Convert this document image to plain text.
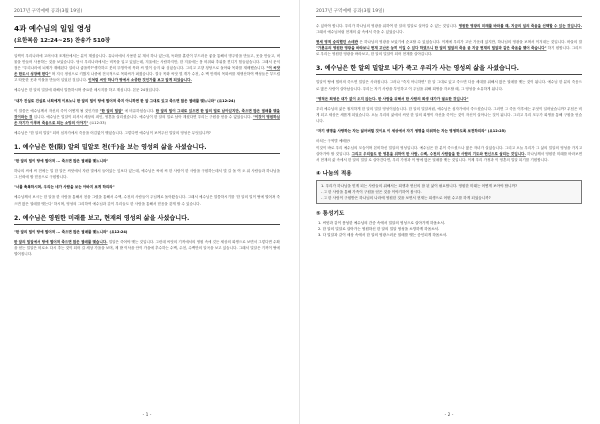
2017년 구역예배 공과(3월 19일)
4과 예수님의 일일 영성
(요한복음 12:24~25) 찬송가 510장

일찍이 우리나라에 고려시대 조계산에서는 분이 계셨습니다. 유나마에서 사용한 분 계서 하나 있는데, 독화를 훈련이 부드러운 좋을 통해서 명주항을 만들고, 옷을 만들고, 버물을 만들어 사용하는 것을 보았습니다. 당시 우리나라에서는 비목을 입고 있었는데, 겨울에는 사람하지만, 한 겨울에는 몸 비취와 추위를 견디기 힘들었습니다. 그래서 문익점은 "우리나라에 뇌제가 재배된다 얼마나 좋을까?"생각하고 붓의 뚜껑이에 목화 씨 몇이 숨겨 와 심었습니다. 그리고 고향 청당으로 돌아와 목화를 재배했습니다. "이 씨앗은 한도시 성장해 한다" 며 지극 정성으로 키웠지 나중에 전국적으로 목화씨가 퍼졌습니다. 결국 목화 씨앗 몇 개가 수천, 수 백 만개의 목화씨를 재생산하여 백성들은 부드럽고 따뜻한 옷과 이불을 만들어 입었던 것입니다. 인처럼 씨앗 하나가 땅에서 소중한 것인가를 보고 알게 되었습니다.

예수님은 한 알의 밀알에 대해서 말씀하시며 중요한 메시지를 하고 계십니다. 본문 24절입니다.

"내가 진실로 진실로 너희에게 이르노니 한 알의 밀이 땅에 떨어져 죽지 아니하면 한 알 그대로 있고 죽으면 많은 열매를 맺느니라" (요12:24)

이 말씀은 예수님께서 자신의 죽이 어떻게 될 것인가를 "한 알의 밀알" 에 비유하셨습니다. 한 알의 밀이 그대로 있으면 한 알의 밀로 남아있지만, 죽으면 많은 열매를 맺을 것이라는 것 입니다. 예수님은 밀알이 되셔서 세상의 죄인, 영혼을 살리셨습니다. 예수님이 한 알의 밀로 남아 계셨다면 우리는 구원을 얻을 수 없었습니다. "이것이 영원하심은 자기가 이루려 죽음으로 되는 소망의 이야기" (요12:33)

예수님은 "한 알의 밀알" 되어 십자가에서 죽음을 어김없이 맺었습니다. 그렇다면 예수님이 보여주신 밀알의 영성은 무엇입니까?

1. 예수님은 한(限) 알의 밀알로 천(千)을 보는 영성의 삶을 사셨습니다.

"한 알의 밀이 땅에 떨어져 ... 죽으면 많은 열매를 맺느니라"

하나의 씨에 씨 전에는 밀 한 알은 씨앗에서 자란 말에서 들어있는 잎보다 있는데, 예수님은 씨에 씨 한 사람이 한 사람을 구원하는데서 몇 갈 돌 여 오 위 사람들과 하나님을 그 신뢰에 할 믿음으로 구원합니다.

"너를 축복하시며, 우리는 네가 사람을 보는 아바지 보게 하리라"

예수님께서 보시는 한 알을 한 사람을 통해서 천을 그렸을 통해서 수백, 수천의 사람들이 주님께로 돌아왔습니다. 그래서 예수님은 말씀하시기를 '한 알의 밀이 땅에 떨어져 죽으면 많은 열매를 맺는다' 하시며, 영성의 그리하여 예수님과 같이 우리들도 한 사람을 통해서 믿음을 갖게 할 수 있습니다.

2. 예수님은 영원한 미래를 보고, 현재의 영성의 삶을 사셨습니다.

"한 알의 밀이 땅에 떨어져 ... 죽으면 많은 열매를 맺느니라" (요12:24)

한 알의 밀알에서 땅에 떨어져 죽으면 많은 열매를 맺습니다. 밀알은 죽어야 맺는 것입니다. 그런데 씨앗의 기적에서의 영원 속에 깃든 세상의 희생으로 보면서 그렇다면 수확을 얻는 밀알은 비로소 다시 추는 것이 되어 갈 세상 가을을 보며, 제 밭 이삭을 안이 가을에 추수하는 수백, 수천, 수백만의 알곡을 보고 있습니다. 그래서 밀알은 기꺼이 땅에 떨어집니다.

- 1 -
2017년 구역예배 공과(3월 19일)

수 있어야 합니다. 우리가 하나님의 영광을 위하여 한 알의 밀알로 살아갈 수 있는 것입니다. 영원한 영광의 미래를 바라볼 때, 지금의 일의 죽음을 선택할 수 있는 것입니다. 그래서 예수님처럼 현재의 삶 속에서 죽을 수 있었습니다.

현세 영적 승리했던 스데반 은 하나님의 영광을 보았기에 순교할 수 있었습니다. 이제에 우리가 고난 가운데 있지만, 하나님의 영광을 보며서 이겨내는 것입니다. 바울의 말 "가룟유의 영원한 영광을 바라보니 현재 고난은 능히 이길 수 있다 하였으니 한 알의 밀알의 죽음 곧 지금 현재의 밀알과 같은 죽음을 맺어 죽습니다" 하기 원합니다. 그리므로 우리는 영원한 영광을 바라보고, 한 알의 밀알이 되어 현재를 살아갑니다.

3. 예수님은 한 알의 밀알로 내가 죽고 우리가 사는 영성의 삶을 사셨습니다.

밀알이 땅에 떨어져 죽으면 밀알은 사라집니다. 그러나 "죽지 아니하면" 한 알 그대로 있고 죽으면 다음 세대를 위해서 많은 열매를 맺는 것이 됩니다. 예수님 한 분의 죽음으로 많은 사람이 살아났습니다. 우리는 자기 사랑을 부인하고 이 주님을 위해 희생을 각오할 때, 그 영성을 소유하게 됩니다.

"영적은 희생은 대가 없이 오지 않는다. 한 사람을 위해서 한 사람의 희생 대가가 필요한 것입니다"

우리 예수님의 삶은 철저하게 한 알의 밀알 영성이었습니다. 한 알의 밀알처럼, 예수님은 십자가에서 죽으셨습니다. 그러면 그 죽음 이후에는 무엇이 일어났습니까? 무덤은 비게 되고 세상은 새롭게 되었습니다. 오늘 우리의 삶에서 씨앗 한 알의 희생이 자신을 죽이는 것이 자신이 살아나는 것이 됩니다. 그리고 우리 모두가 희생을 통해 구원을 얻습니다.

"자기 생명을 사랑하는 자는 잃어버릴 것이요 이 세상에서 자기 생명을 미워하는 자는 영생하도록 보전하리라" (요12:25)

마치는 구역별 예배문!

이것이 바로 우리 예수님의 모습이며 본비하신 밀알의 영성입니다. 예수님은 한 분이 죽으셨으나 많은 자녀가 살았습니다. 그리고 오늘 우리가 그 삶의 밀알의 영성을 가지고 살아가야 할 것입니다. 그리고 우리들도 한 영혼을 위하여 한 사람, 수백, 수천의 사람들을 한 사람의 기도와 헌신으로 살리는 것입니다. 하나님께서 영원한 미래를 바라보면서 현재의 삶 속에서 한 알의 밀알 로 살아간다면, 우리 가정과 이 땅에 많은 열매를 맺는 것입니다. 이제 우리 가정과 이 영혼의 밀알 되기를 기원합니다.

④ 나눔의 적용
1. 우리가 하나님을 믿게 되는 사람들의 위해서는 희생과 헌신의 참 된 삶이 필요합니다. 영원한 미래는 어떻게 보아야 합니까?
- 그 한 사람을 통해 가족이 구원을 얻은 것을 이야기하여 봅시다.
- 그 한 사람이 구원받은 하나님의 나라에 영원한 것을 보면서 현재는 희생으로 어떤 수고를 하게 되었습니까?
⑤ 통성기도
1. 씨앗과 같이 풍성한 예수님의 간증 속에서 밀알의 영성으로 살아가게 하옵소서.
2. 한 알의 밀알로 살아가는 영원하신 한 알의 밀알 영성을 소망하게 하옵소서.
3. 다 밀알과 같이 세상 속에서 한 알의 영광스러운 열매를 맺는 증인되게 하옵소서.
- 2 -
